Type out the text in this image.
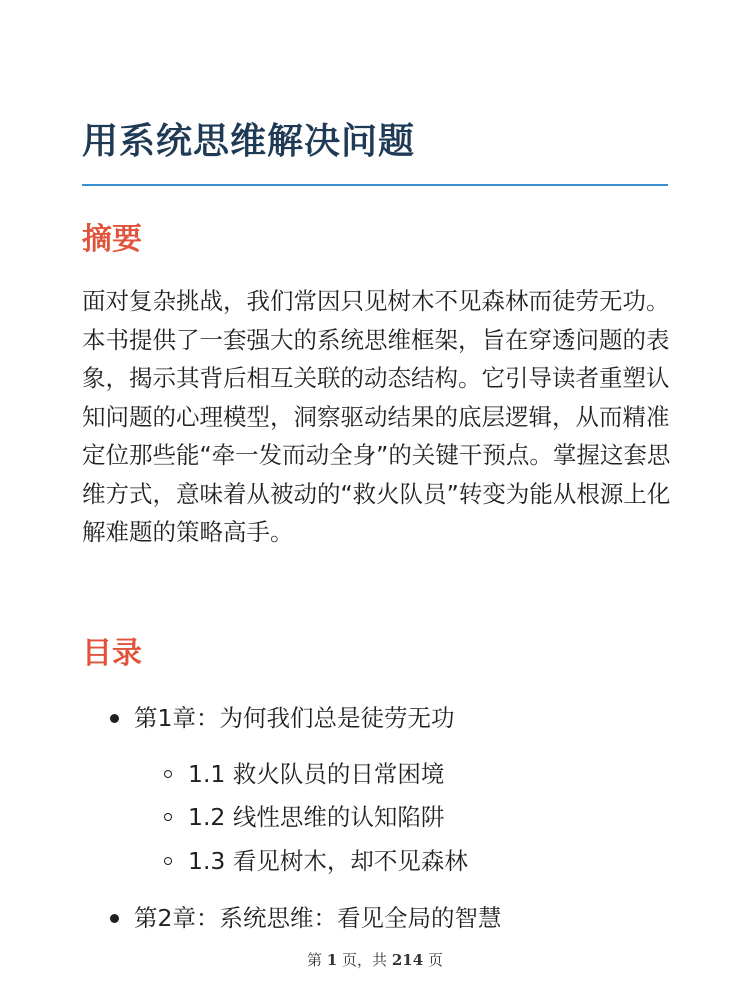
用系统思维解决问题
摘要

面对复杂挑战，我们常因只见树木不见森林而徒劳无功。本书提供了一套强大的系统思维框架，旨在穿透问题的表象，揭示其背后相互关联的动态结构。它引导读者重塑认知问题的心理模型，洞察驱动结果的底层逻辑，从而精准定位那些能“牵一发而动全身”的关键干预点。掌握这套思维方式，意味着从被动的“救火队员”转变为能从根源上化解难题的策略高手。

目录
第1章：为何我们总是徒劳无功
1.1 救火队员的日常困境
1.2 线性思维的认知陷阱
1.3 看见树木，却不见森林
第2章：系统思维：看见全局的智慧
第 1 页，共 214 页
